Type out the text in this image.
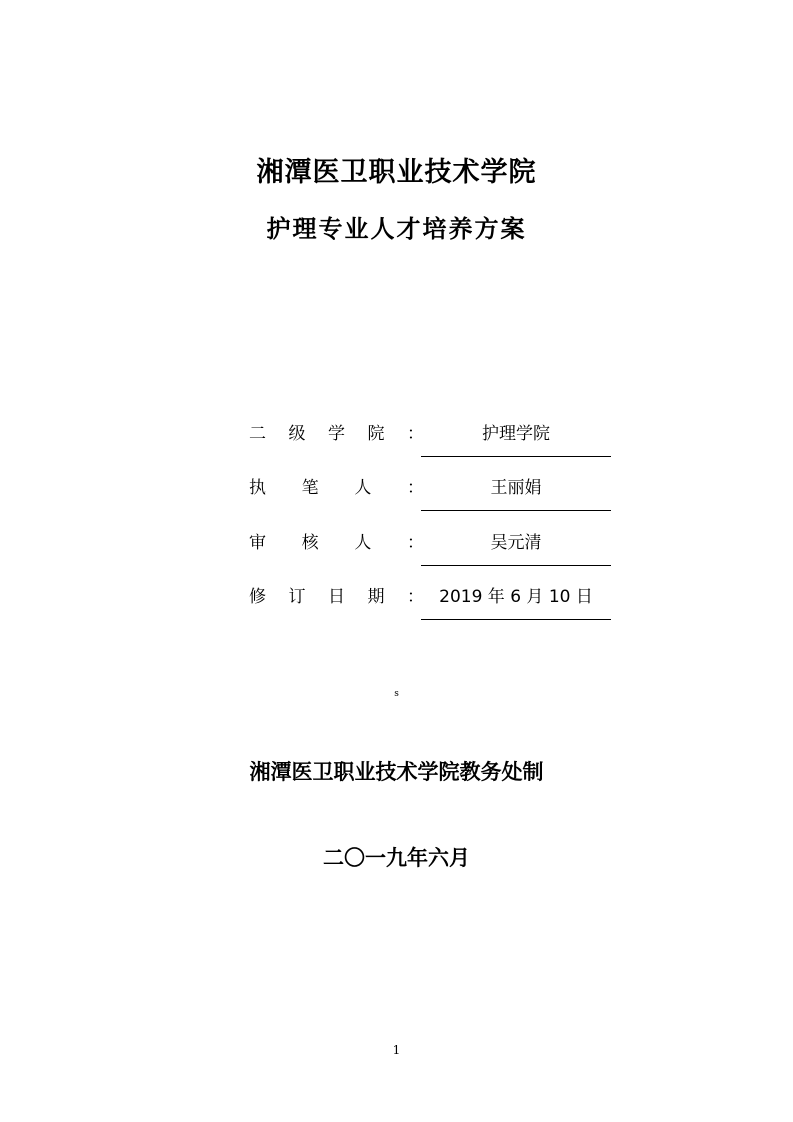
湘潭医卫职业技术学院
护理专业人才培养方案
二 级 学 院 ：	护理学院
执 笔 人 ：	王丽娟
审 核 人 ：	吴元清
修 订 日 期 ： 2019 年 6 月 10 日
s
湘潭医卫职业技术学院教务处制
二〇一九年六月
1
